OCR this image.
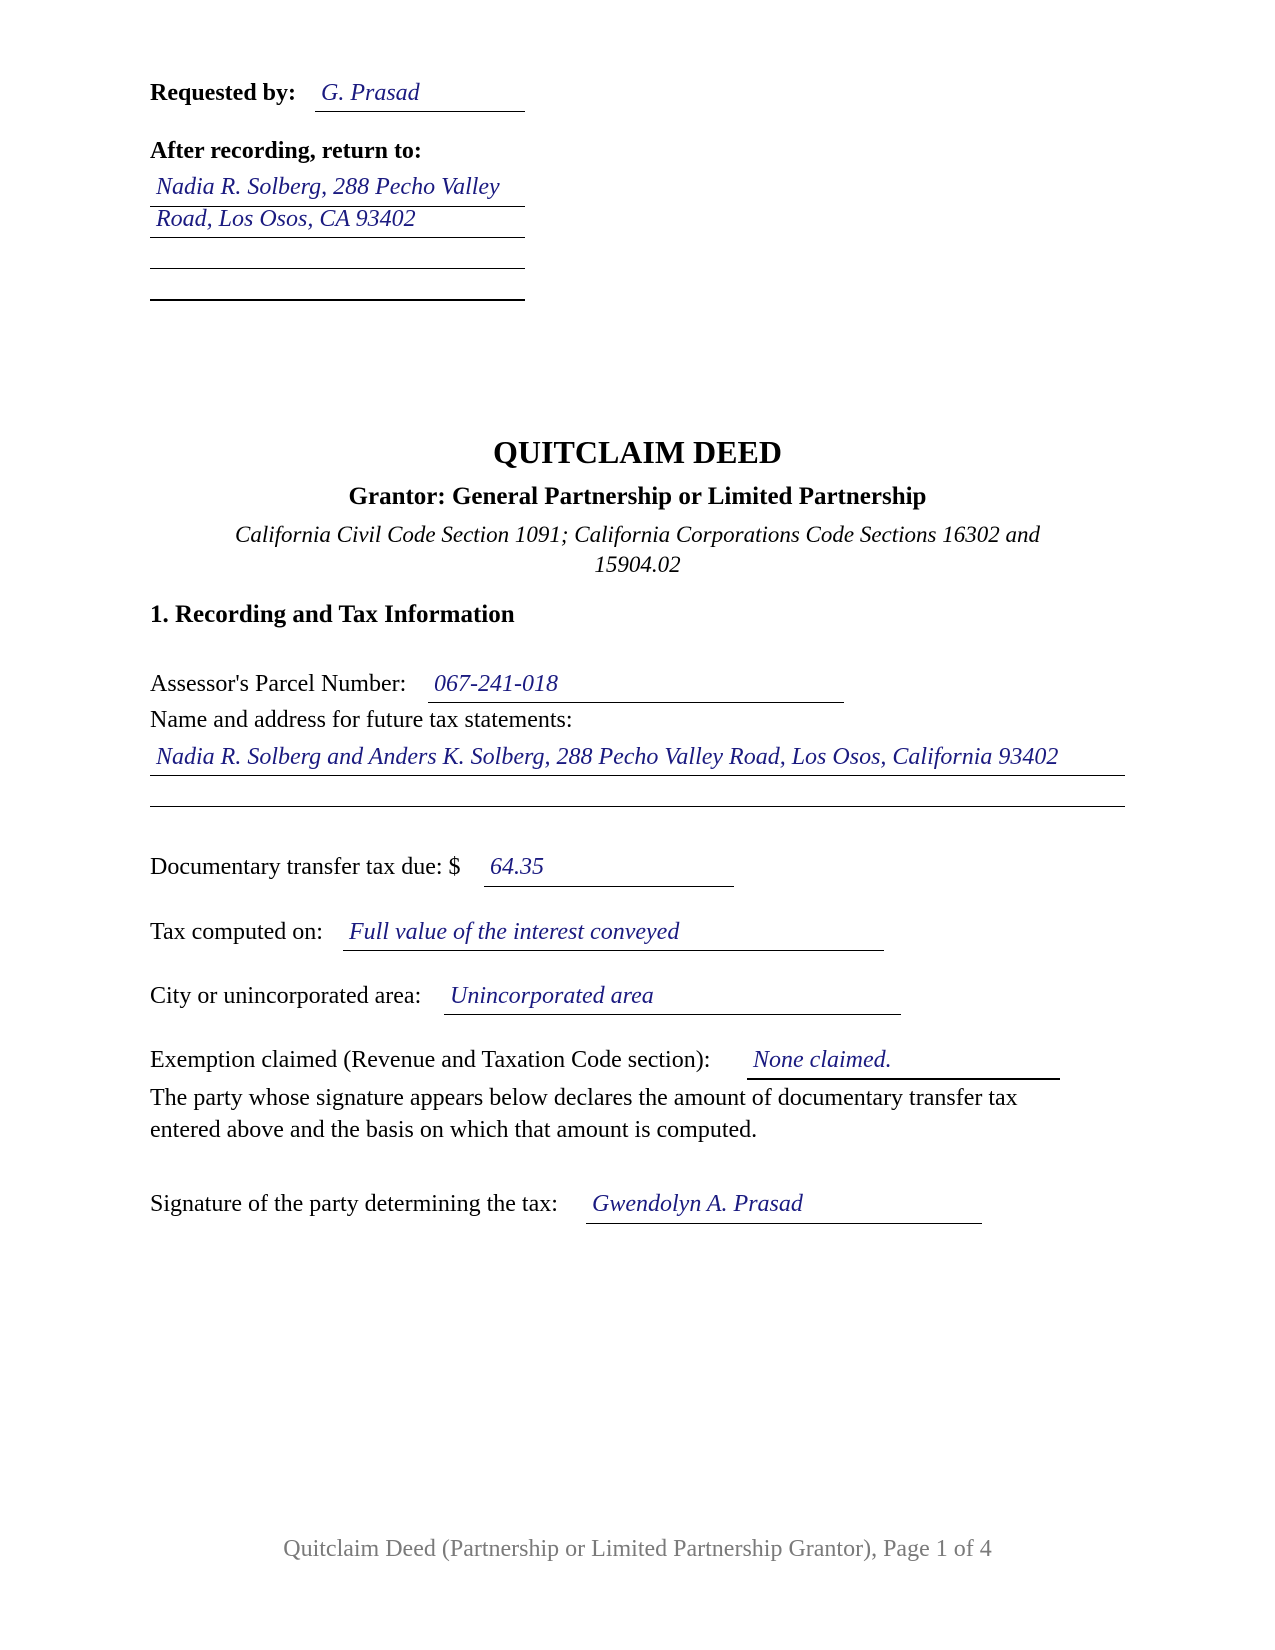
Requested by: G. Prasad
After recording, return to:
Nadia R. Solberg, 288 Pecho Valley
Road, Los Osos, CA 93402
QUITCLAIM DEED
Grantor: General Partnership or Limited Partnership
California Civil Code Section 1091; California Corporations Code Sections 16302 and
15904.02
1. Recording and Tax Information
Assessor's Parcel Number: 067-241-018
Name and address for future tax statements:
Nadia R. Solberg and Anders K. Solberg, 288 Pecho Valley Road, Los Osos, California 93402
Documentary transfer tax due: $ 64.35
Tax computed on: Full value of the interest conveyed
City or unincorporated area: Unincorporated area
Exemption claimed (Revenue and Taxation Code section): None claimed.
The party whose signature appears below declares the amount of documentary transfer tax
entered above and the basis on which that amount is computed.
Signature of the party determining the tax: Gwendolyn A. Prasad
Quitclaim Deed (Partnership or Limited Partnership Grantor), Page 1 of 4
